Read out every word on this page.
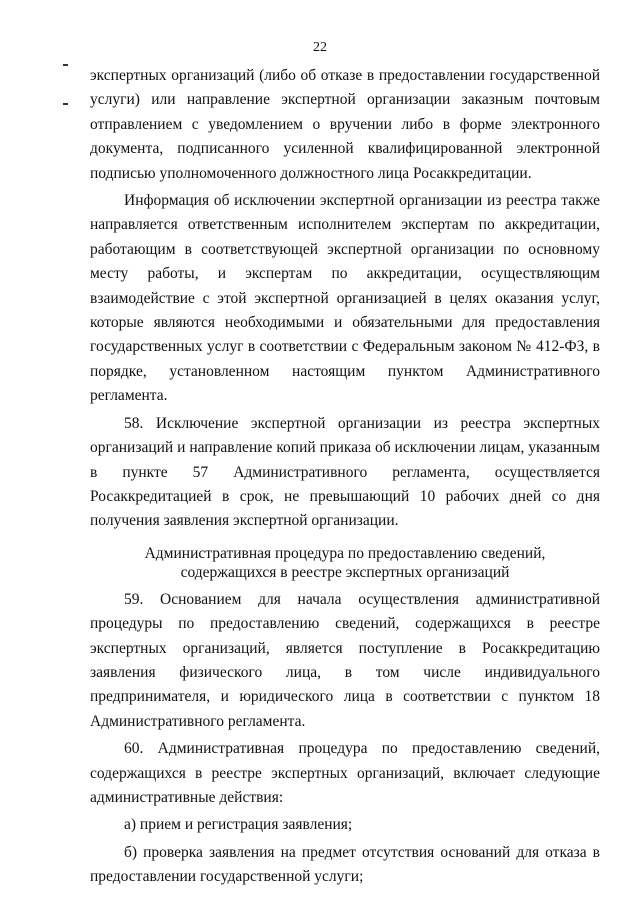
22

экспертных организаций (либо об отказе в предоставлении государственной услуги) или направление экспертной организации заказным почтовым отправлением с уведомлением о вручении либо в форме электронного документа, подписанного усиленной квалифицированной электронной подписью уполномоченного должностного лица Росаккредитации.

Информация об исключении экспертной организации из реестра также направляется ответственным исполнителем экспертам по аккредитации, работающим в соответствующей экспертной организации по основному месту работы, и экспертам по аккредитации, осуществляющим взаимодействие с этой экспертной организацией в целях оказания услуг, которые являются необходимыми и обязательными для предоставления государственных услуг в соответствии с Федеральным законом № 412-ФЗ, в порядке, установленном настоящим пунктом Административного регламента.

58. Исключение экспертной организации из реестра экспертных организаций и направление копий приказа об исключении лицам, указанным в пункте 57 Административного регламента, осуществляется Росаккредитацией в срок, не превышающий 10 рабочих дней со дня получения заявления экспертной организации.

Административная процедура по предоставлению сведений,
содержащихся в реестре экспертных организаций

59. Основанием для начала осуществления административной процедуры по предоставлению сведений, содержащихся в реестре экспертных организаций, является поступление в Росаккредитацию заявления физического лица, в том числе индивидуального предпринимателя, и юридического лица в соответствии с пунктом 18 Административного регламента.

60. Административная процедура по предоставлению сведений, содержащихся в реестре экспертных организаций, включает следующие административные действия:

а) прием и регистрация заявления;

б) проверка заявления на предмет отсутствия оснований для отказа в предоставлении государственной услуги;
